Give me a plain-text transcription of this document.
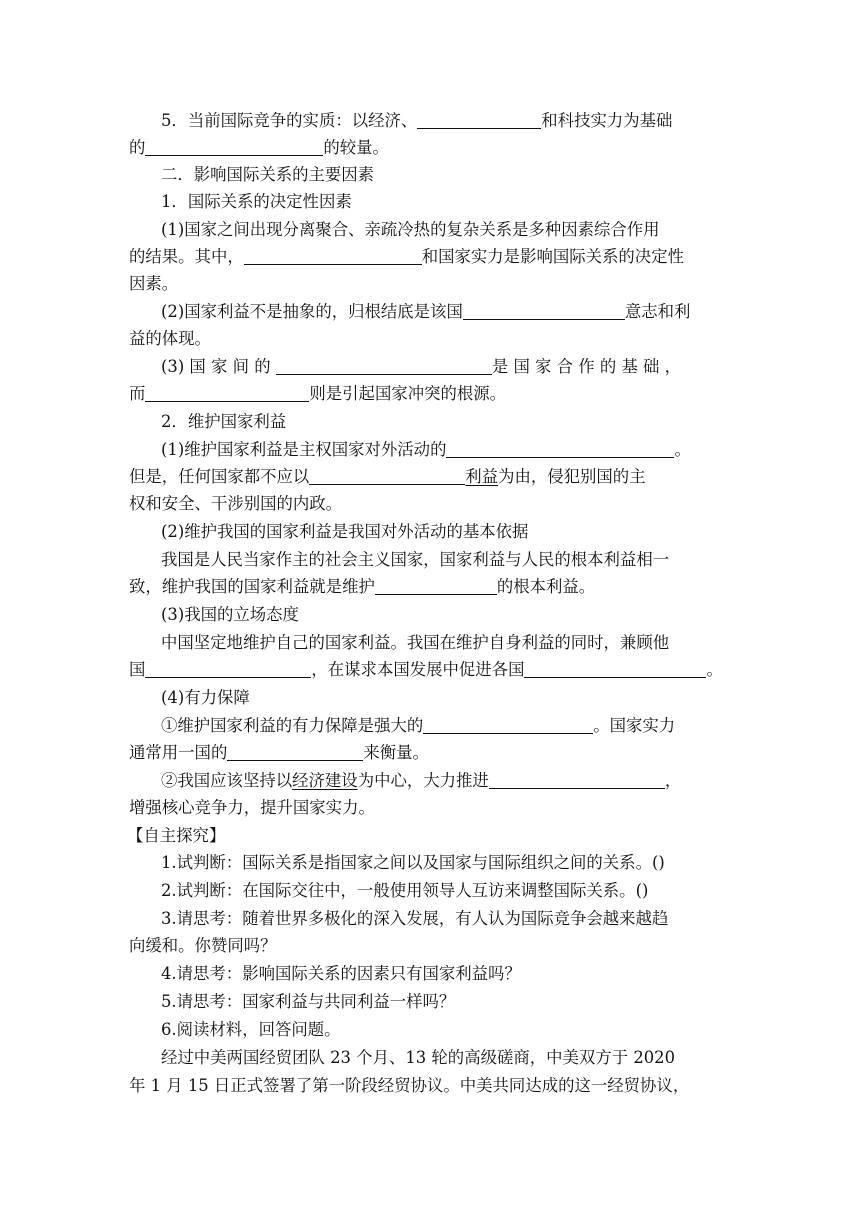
5．当前国际竞争的实质：以经济、	和科技实力为基础
的	的较量。
二．影响国际关系的主要因素
1．国际关系的决定性因素
(1)国家之间出现分离聚合、亲疏冷热的复杂关系是多种因素综合作用
的结果。其中，	和国家实力是影响国际关系的决定性
因素。
(2)国家利益不是抽象的，归根结底是该国	意志和利
益的体现。
(3) 国 家 间 的	是 国 家 合 作 的 基 础 ，
而	则是引起国家冲突的根源。
2．维护国家利益
(1)维护国家利益是主权国家对外活动的	。
但是，任何国家都不应以	利益为由，侵犯别国的主
权和安全、干涉别国的内政。
(2)维护我国的国家利益是我国对外活动的基本依据
我国是人民当家作主的社会主义国家，国家利益与人民的根本利益相一
致，维护我国的国家利益就是维护	的根本利益。
(3)我国的立场态度
中国坚定地维护自己的国家利益。我国在维护自身利益的同时，兼顾他
国	，在谋求本国发展中促进各国	。
(4)有力保障
①维护国家利益的有力保障是强大的	。国家实力
通常用一国的	来衡量。
②我国应该坚持以经济建设为中心，大力推进	，
增强核心竞争力，提升国家实力。
【自主探究】
1.试判断：国际关系是指国家之间以及国家与国际组织之间的关系。()
2.试判断：在国际交往中，一般使用领导人互访来调整国际关系。()
3.请思考：随着世界多极化的深入发展，有人认为国际竞争会越来越趋
向缓和。你赞同吗？
4.请思考：影响国际关系的因素只有国家利益吗？
5.请思考：国家利益与共同利益一样吗？
6.阅读材料，回答问题。
经过中美两国经贸团队 23 个月、13 轮的高级磋商，中美双方于 2020
年 1 月 15 日正式签署了第一阶段经贸协议。中美共同达成的这一经贸协议，
